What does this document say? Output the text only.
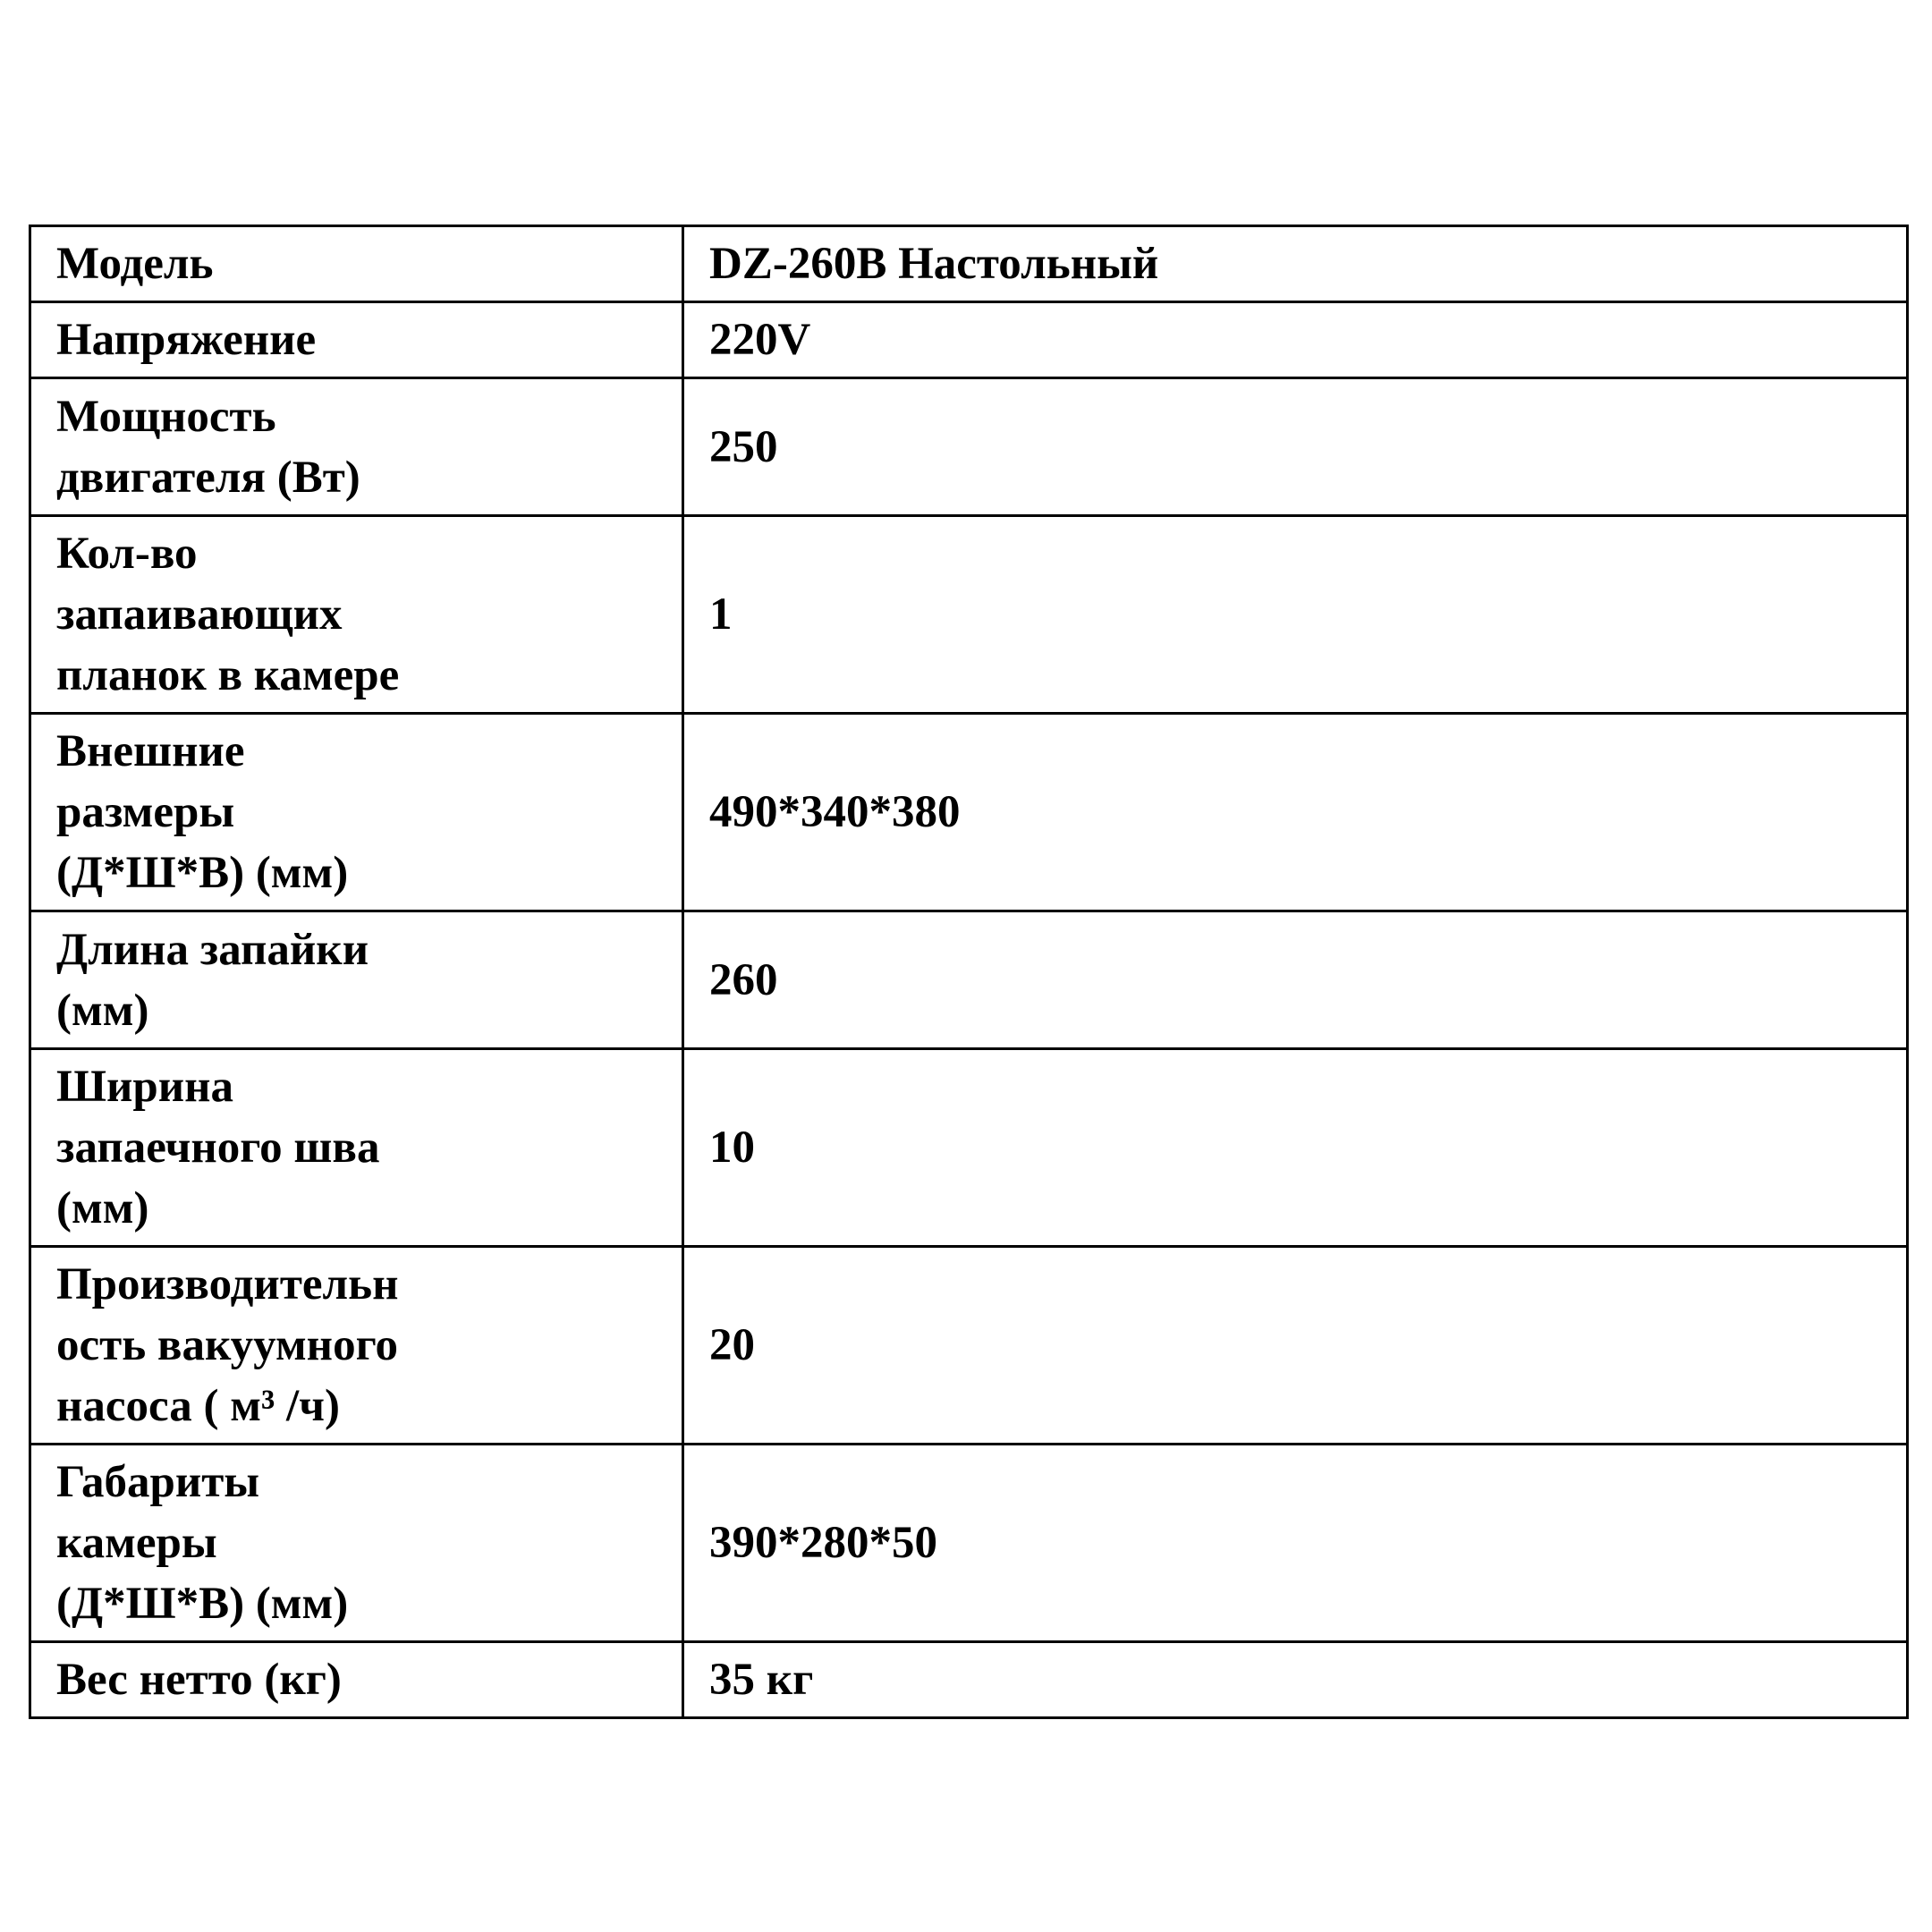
Модель	DZ-260B Настольный
Напряжение	220V
Мощность
двигателя (Вт)	250
Кол-во
запаивающих
планок в камере	1
Внешние
размеры
(Д*Ш*В) (мм)	490*340*380
Длина запайки
(мм)	260
Ширина
запаечного шва
(мм)	10
Производительн
ость вакуумного
насоса ( м³ /ч)	20
Габариты
камеры
(Д*Ш*В) (мм)	390*280*50
Вес нетто (кг)	35 кг
